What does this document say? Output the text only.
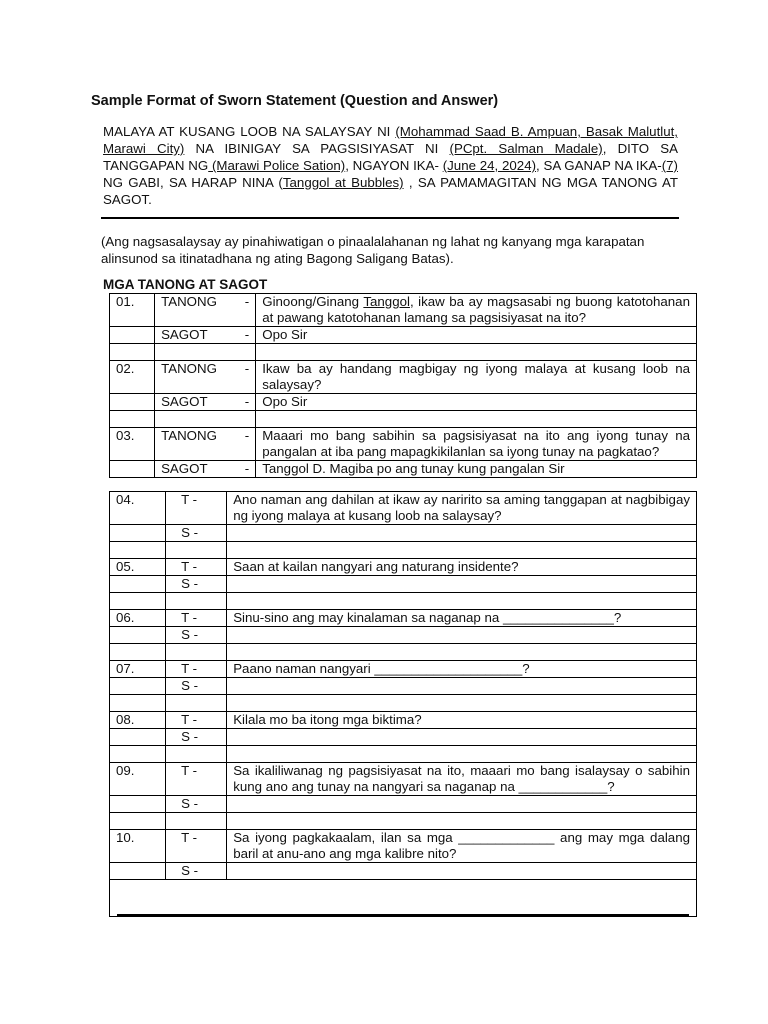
Sample Format of Sworn Statement (Question and Answer)
MALAYA AT KUSANG LOOB NA SALAYSAY NI (Mohammad Saad B. Ampuan, Basak Malutlut, Marawi City) NA IBINIGAY SA PAGSISIYASAT NI (PCpt. Salman Madale), DITO SA TANGGAPAN NG (Marawi Police Sation), NGAYON IKA- (June 24, 2024), SA GANAP NA IKA-(7) NG GABI, SA HARAP NINA (Tanggol at Bubbles) , SA PAMAMAGITAN NG MGA TANONG AT SAGOT.
(Ang nagsasalaysay ay pinahiwatigan o pinaalalahanan ng lahat ng kanyang mga karapatan alinsunod sa itinatadhana ng ating Bagong Saligang Batas).
MGA TANONG AT SAGOT
01.	TANONG -	Ginoong/Ginang Tanggol, ikaw ba ay magsasabi ng buong katotohanan at pawang katotohanan lamang sa pagsisiyasat na ito?

	SAGOT -	Opo Sir

02.	TANONG -	Ikaw ba ay handang magbigay ng iyong malaya at kusang loob na salaysay?

	SAGOT -	Opo Sir

03.	TANONG -	Maaari mo bang sabihin sa pagsisiyasat na ito ang iyong tunay na pangalan at iba pang mapagkikilanlan sa iyong tunay na pagkatao?

	SAGOT -	Tanggol D. Magiba po ang tunay kung pangalan Sir
04.	T -	Ano naman ang dahilan at ikaw ay naririto sa aming tanggapan at nagbibigay ng iyong malaya at kusang loob na salaysay?
	S -	

05.	T -	Saan at kailan nangyari ang naturang insidente?
	S -	

06.	T -	Sinu-sino ang may kinalaman sa naganap na _______________?
	S -	

07.	T -	Paano naman nangyari ____________________?
	S -	

08.	T -	Kilala mo ba itong mga biktima?
	S -	

09.	T -	Sa ikaliliwanag ng pagsisiyasat na ito, maaari mo bang isalaysay o sabihin kung ano ang tunay na nangyari sa naganap na ____________?
	S -	

10.	T -	Sa iyong pagkakaalam, ilan sa mga _____________ ang may mga dalang baril at anu-ano ang mga kalibre nito?
	S -	
